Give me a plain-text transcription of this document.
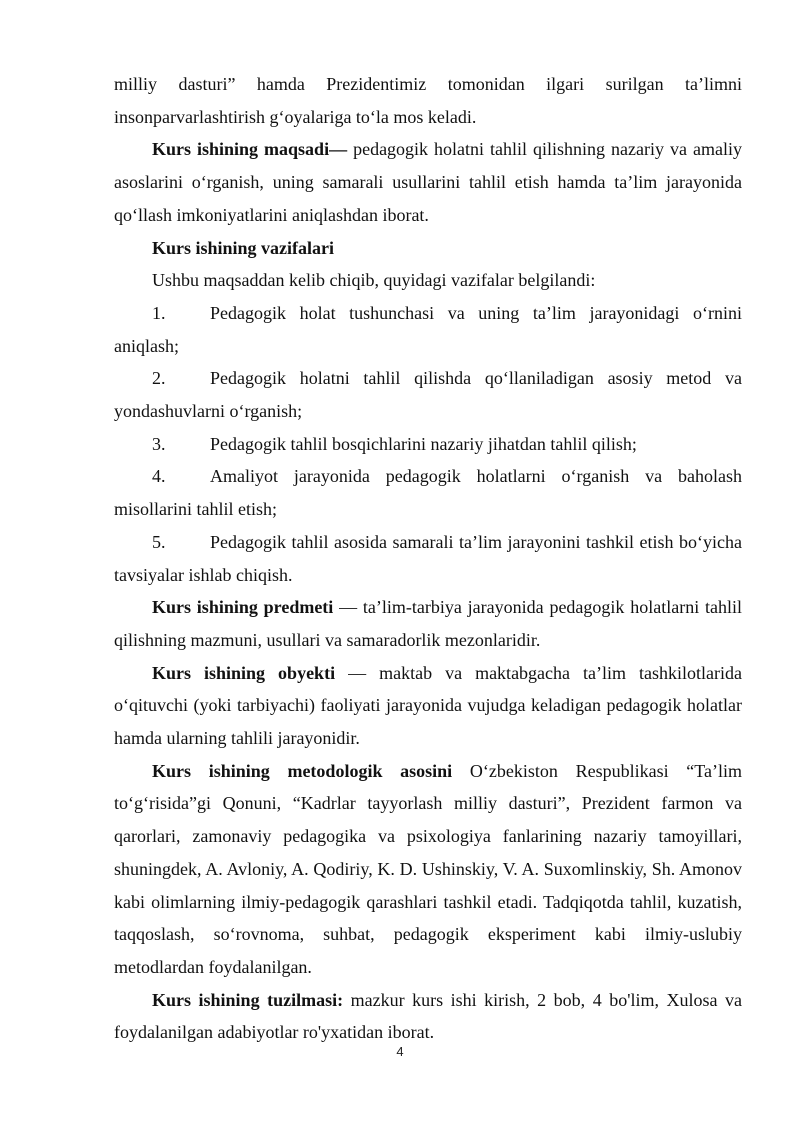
milliy dasturi” hamda Prezidentimiz tomonidan ilgari surilgan ta’limni insonparvarlashtirish g‘oyalariga to‘la mos keladi.

Kurs ishining maqsadi— pedagogik holatni tahlil qilishning nazariy va amaliy asoslarini o‘rganish, uning samarali usullarini tahlil etish hamda ta’lim jarayonida qo‘llash imkoniyatlarini aniqlashdan iborat.

Kurs ishining vazifalari

Ushbu maqsaddan kelib chiqib, quyidagi vazifalar belgilandi:

1. Pedagogik holat tushunchasi va uning ta’lim jarayonidagi o‘rnini aniqlash;

2. Pedagogik holatni tahlil qilishda qo‘llaniladigan asosiy metod va yondashuvlarni o‘rganish;

3. Pedagogik tahlil bosqichlarini nazariy jihatdan tahlil qilish;

4. Amaliyot jarayonida pedagogik holatlarni o‘rganish va baholash misollarini tahlil etish;

5. Pedagogik tahlil asosida samarali ta’lim jarayonini tashkil etish bo‘yicha tavsiyalar ishlab chiqish.

Kurs ishining predmeti — ta’lim-tarbiya jarayonida pedagogik holatlarni tahlil qilishning mazmuni, usullari va samaradorlik mezonlaridir.

Kurs ishining obyekti — maktab va maktabgacha ta’lim tashkilotlarida o‘qituvchi (yoki tarbiyachi) faoliyati jarayonida vujudga keladigan pedagogik holatlar hamda ularning tahlili jarayonidir.

Kurs ishining metodologik asosini O‘zbekiston Respublikasi “Ta’lim to‘g‘risida”gi Qonuni, “Kadrlar tayyorlash milliy dasturi”, Prezident farmon va qarorlari, zamonaviy pedagogika va psixologiya fanlarining nazariy tamoyillari, shuningdek, A. Avloniy, A. Qodiriy, K. D. Ushinskiy, V. A. Suxomlinskiy, Sh. Amonov kabi olimlarning ilmiy-pedagogik qarashlari tashkil etadi. Tadqiqotda tahlil, kuzatish, taqqoslash, so‘rovnoma, suhbat, pedagogik eksperiment kabi ilmiy-uslubiy metodlardan foydalanilgan.

Kurs ishining tuzilmasi: mazkur kurs ishi kirish, 2 bob, 4 bo'lim, Xulosa va foydalanilgan adabiyotlar ro'yxatidan iborat.

4
